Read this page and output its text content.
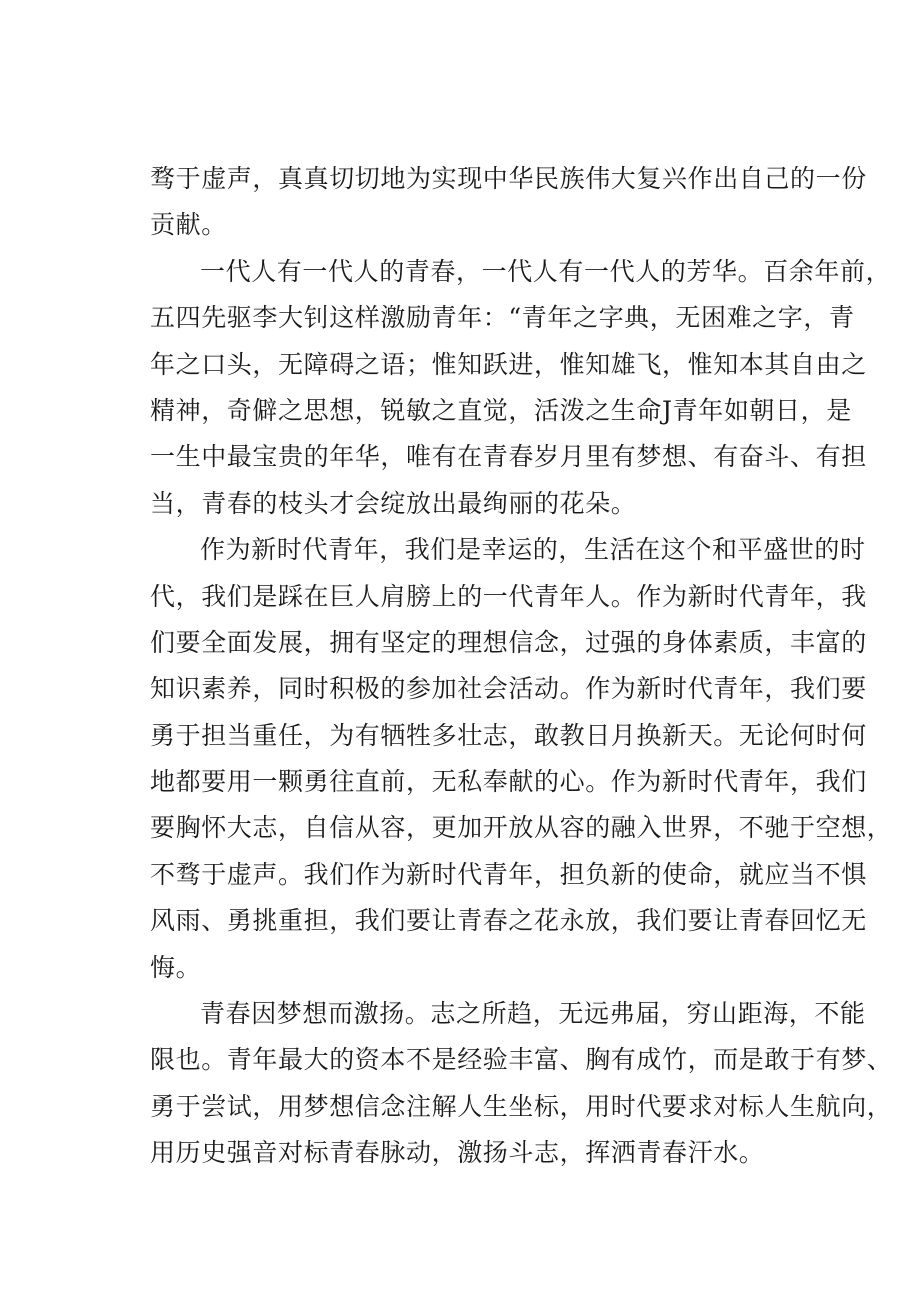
骛于虚声，真真切切地为实现中华民族伟大复兴作出自己的一份
贡献。
一代人有一代人的青春，一代人有一代人的芳华。百余年前，
五四先驱李大钊这样激励青年：“青年之字典，无困难之字，青
年之口头，无障碍之语；惟知跃进，惟知雄飞，惟知本其自由之
精神，奇僻之思想，锐敏之直觉，活泼之生命J青年如朝日，是
一生中最宝贵的年华，唯有在青春岁月里有梦想、有奋斗、有担
当，青春的枝头才会绽放出最绚丽的花朵。
作为新时代青年，我们是幸运的，生活在这个和平盛世的时
代，我们是踩在巨人肩膀上的一代青年人。作为新时代青年，我
们要全面发展，拥有坚定的理想信念，过强的身体素质，丰富的
知识素养，同时积极的参加社会活动。作为新时代青年，我们要
勇于担当重任，为有牺牲多壮志，敢教日月换新天。无论何时何
地都要用一颗勇往直前，无私奉献的心。作为新时代青年，我们
要胸怀大志，自信从容，更加开放从容的融入世界，不驰于空想，
不骛于虚声。我们作为新时代青年，担负新的使命，就应当不惧
风雨、勇挑重担，我们要让青春之花永放，我们要让青春回忆无
悔。
青春因梦想而激扬。志之所趋，无远弗届，穷山距海，不能
限也。青年最大的资本不是经验丰富、胸有成竹，而是敢于有梦、
勇于尝试，用梦想信念注解人生坐标，用时代要求对标人生航向，
用历史强音对标青春脉动，激扬斗志，挥洒青春汗水。
